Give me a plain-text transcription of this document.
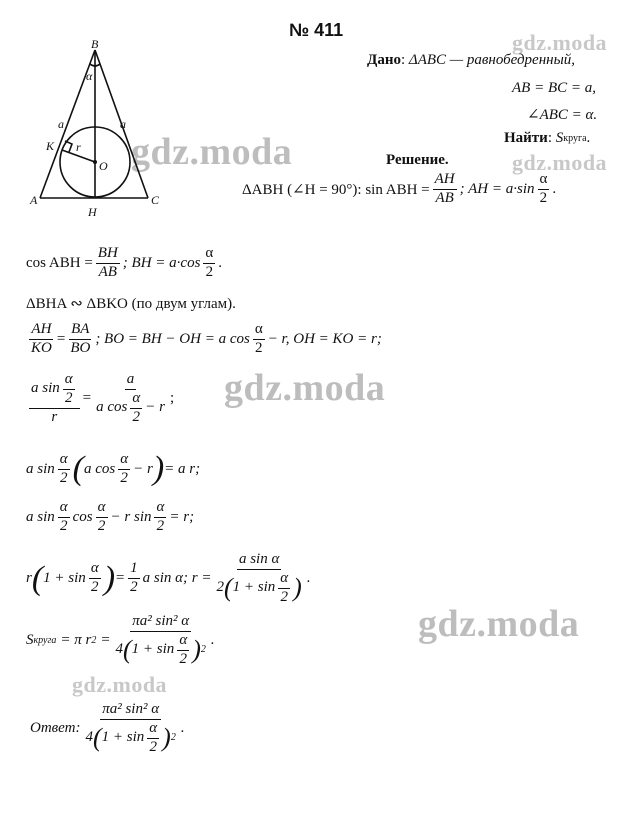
gdz.moda
gdz.moda	gdz.moda
gdz.moda
gdz.moda
gdz.moda
№ 411
B
A	C
H
K
O
α
a	a
r
Дано : ΔABC — равнобедренный,
AB = BC = a,
∠ABC = α.
Найти : S круга .
Решение.
ΔABH (∠H = 90°): sin ABH = $\frac{AH}{AB}$ ; AH = $a\cdot\sin \frac{\alpha}{2}$ .
cos ABH = $\frac{BH}{AB}$ ; BH = $a\cdot\cos \frac{\alpha}{2}$ .
ΔBHA ∾ ΔBKO (по двум углам).
$\frac{AH}{KO} = \frac{BA}{BO}$ ; BO = BH − OH = a $\cos \frac{\alpha}{2} - r$, OH = KO = r;
$\frac{a \sin \frac{\alpha}{2}}{r} = \frac{a}{a \cos \frac{\alpha}{2} - r}$ ;
a $\sin \frac{\alpha}{2}$ ( a $\cos \frac{\alpha}{2} - r$ ) = a r;
a $\sin \frac{\alpha}{2}$ $\cos \frac{\alpha}{2} - r$ $\sin \frac{\alpha}{2} = r$;
r ( $1 + \sin \frac{\alpha}{2}$ ) = $\frac{1}{2}$ a sin α; $r = \frac{\text{a sin α}}{2 ( 1 + \sin \frac{\alpha}{2} )}$ .
S круга = π r $2 = \frac{\text{πa² sin² α}}{4 ( 1 + \sin \frac{\alpha}{2} ) 2}$ .
Ответ : $\frac{\text{πa² sin² α}}{4 ( 1 + \sin \frac{\alpha}{2} ) 2}$ .
